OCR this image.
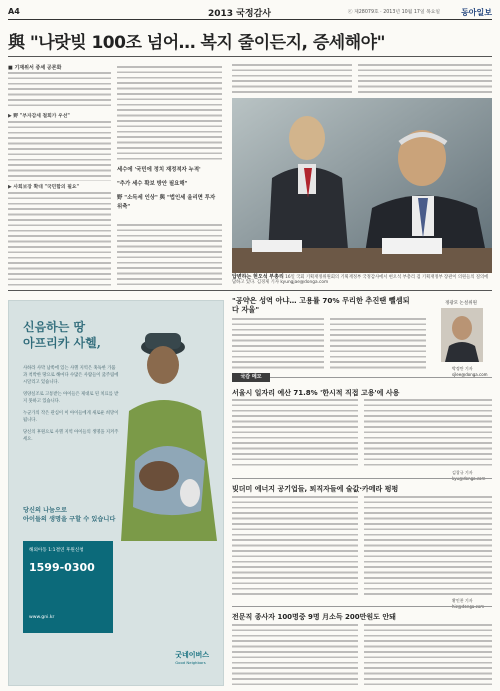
A4	2013 국정감사	ⓔ 제28079호 · 2013년 10월 17일 목요일	동아일보
與 "나랏빚 100조 넘어… 복지 줄이든지, 증세해야"
■ 기재위서 증세 공론화
▶ 野 "부자감세 철회가 우선"
▶ 사회보장 확대 "국민합의 필요"
세수에 '국민에 정치 재정적자 누적'
"추가 세수 확보 방안 필요해"
野 "소득세 인상" 與 "법인세 올리면 투자 위축"
답변하는 현오석 부총리 16일 국회 기획재정위원회의 기획재정부 국정감사에서 현오석 부총리 겸 기획재정부 장관이 의원들의 질의에 답하고 있다. 김경제 기자 kyungjae@donga.com
신음하는 땅
아프리카 사헬,
사하라 사막 남쪽에 있는 사헬 지역은 혹독한 가뭄과 척박한 땅으로 해마다 수많은 사람들이 굶주림에 시달리고 있습니다.
영양실조로 고통받는 아이들은 제대로 된 치료를 받지 못하고 있습니다.
누군가의 작은 관심이 이 아이들에게 새로운 희망이 됩니다.
당신의 후원으로 사헬 지역 아이들의 생명을 지켜주세요.
당신의 나눔으로
아이들의 생명을 구할 수 있습니다
해외아동 1:1결연 후원신청
1599-0300
www.gni.kr
굿네이버스
Good Neighbors
"공약은 성역 아냐… 고용률 70% 무리한 추진땐 뺄셈되다 자율"
정광모 논설위원
박정만 기자 sjlee@donga.com
국감 메모
서울시 일자리 예산 71.8% '한시적 직접 고용'에 사용
김창규 기자
빚더미 에너지 공기업들, 퇴직자들에 술값·카메라 펑펑
황인찬 기자
전문직 종사자 100명중 9명 月소득 200만원도 안돼
